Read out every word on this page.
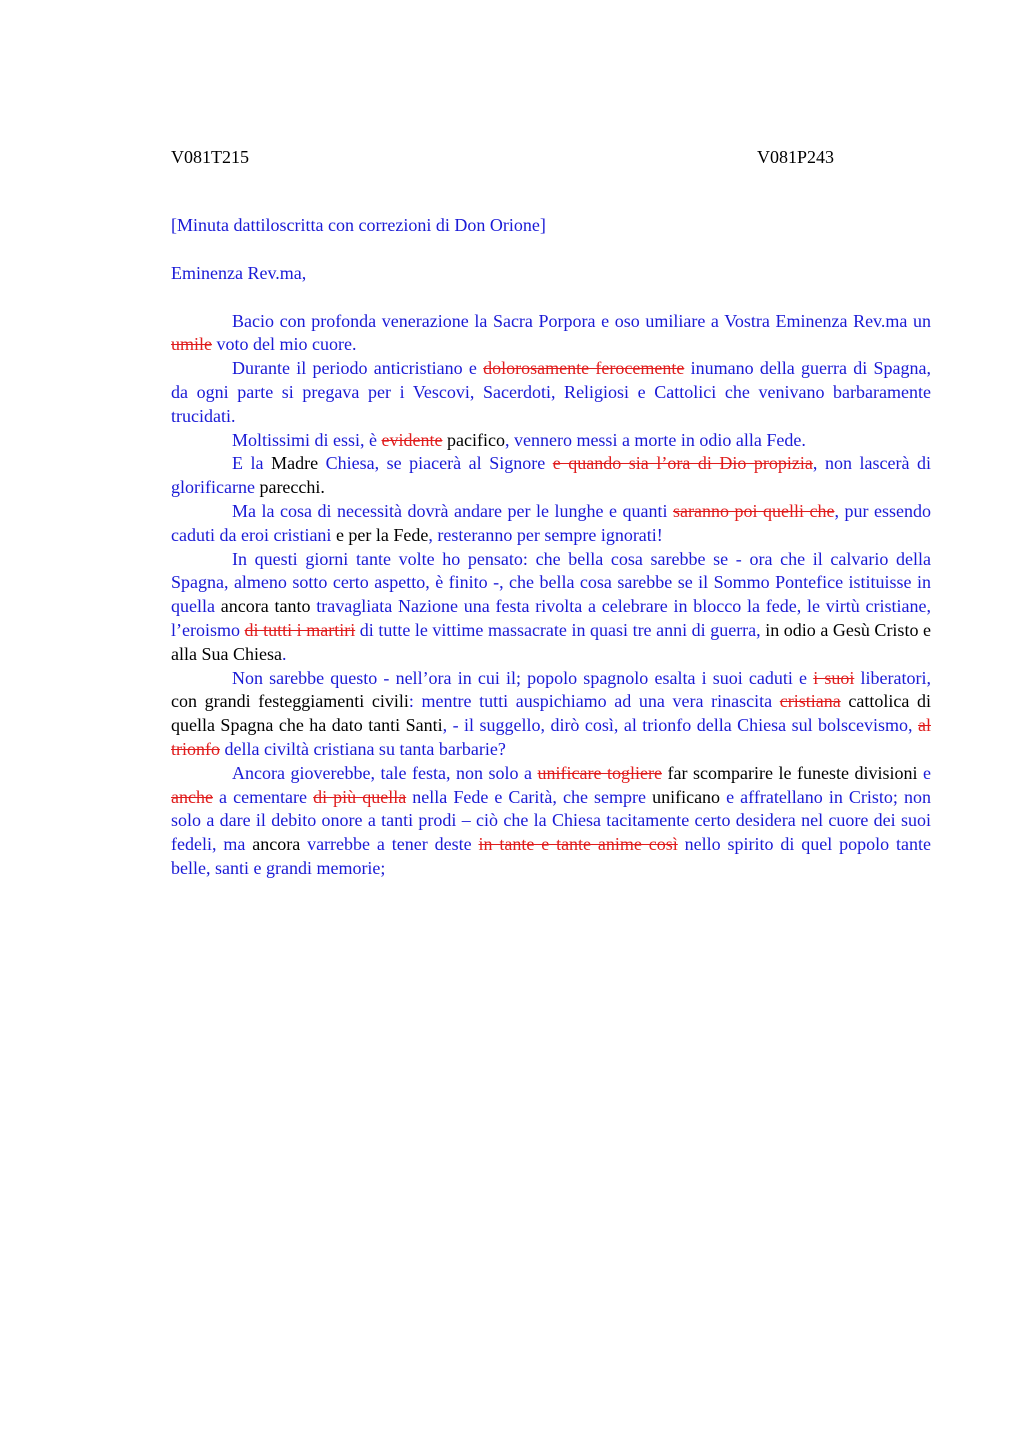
V081T215	V081P243

[Minuta dattiloscritta con correzioni di Don Orione]

Eminenza Rev.ma,

Bacio con profonda venerazione la Sacra Porpora e oso umiliare a Vostra Eminenza Rev.ma un umile voto del mio cuore.

Durante il periodo anticristiano e dolorosamente ferocemente inumano della guerra di Spagna, da ogni parte si pregava per i Vescovi, Sacerdoti, Religiosi e Cattolici che venivano barbaramente trucidati.

Moltissimi di essi, è evidente pacifico, vennero messi a morte in odio alla Fede.

E la Madre Chiesa, se piacerà al Signore e quando sia l’ora di Dio propizia, non lascerà di glorificarne parecchi.

Ma la cosa di necessità dovrà andare per le lunghe e quanti saranno poi quelli che, pur essendo caduti da eroi cristiani e per la Fede, resteranno per sempre ignorati!

In questi giorni tante volte ho pensato: che bella cosa sarebbe se - ora che il calvario della Spagna, almeno sotto certo aspetto, è finito -, che bella cosa sarebbe se il Sommo Pontefice istituisse in quella ancora tanto travagliata Nazione una festa rivolta a celebrare in blocco la fede, le virtù cristiane, l’eroismo di tutti i martiri di tutte le vittime massacrate in quasi tre anni di guerra, in odio a Gesù Cristo e alla Sua Chiesa.

Non sarebbe questo - nell’ora in cui il; popolo spagnolo esalta i suoi caduti e i suoi liberatori, con grandi festeggiamenti civili: mentre tutti auspichiamo ad una vera rinascita cristiana cattolica di quella Spagna che ha dato tanti Santi, - il suggello, dirò così, al trionfo della Chiesa sul bolscevismo, al trionfo della civiltà cristiana su tanta barbarie?

Ancora gioverebbe, tale festa, non solo a unificare togliere far scomparire le funeste divisioni e anche a cementare di più quella nella Fede e Carità, che sempre unificano e affratellano in Cristo; non solo a dare il debito onore a tanti prodi – ciò che la Chiesa tacitamente certo desidera nel cuore dei suoi fedeli, ma ancora varrebbe a tener deste in tante e tante anime così nello spirito di quel popolo tante belle, santi e grandi memorie;
